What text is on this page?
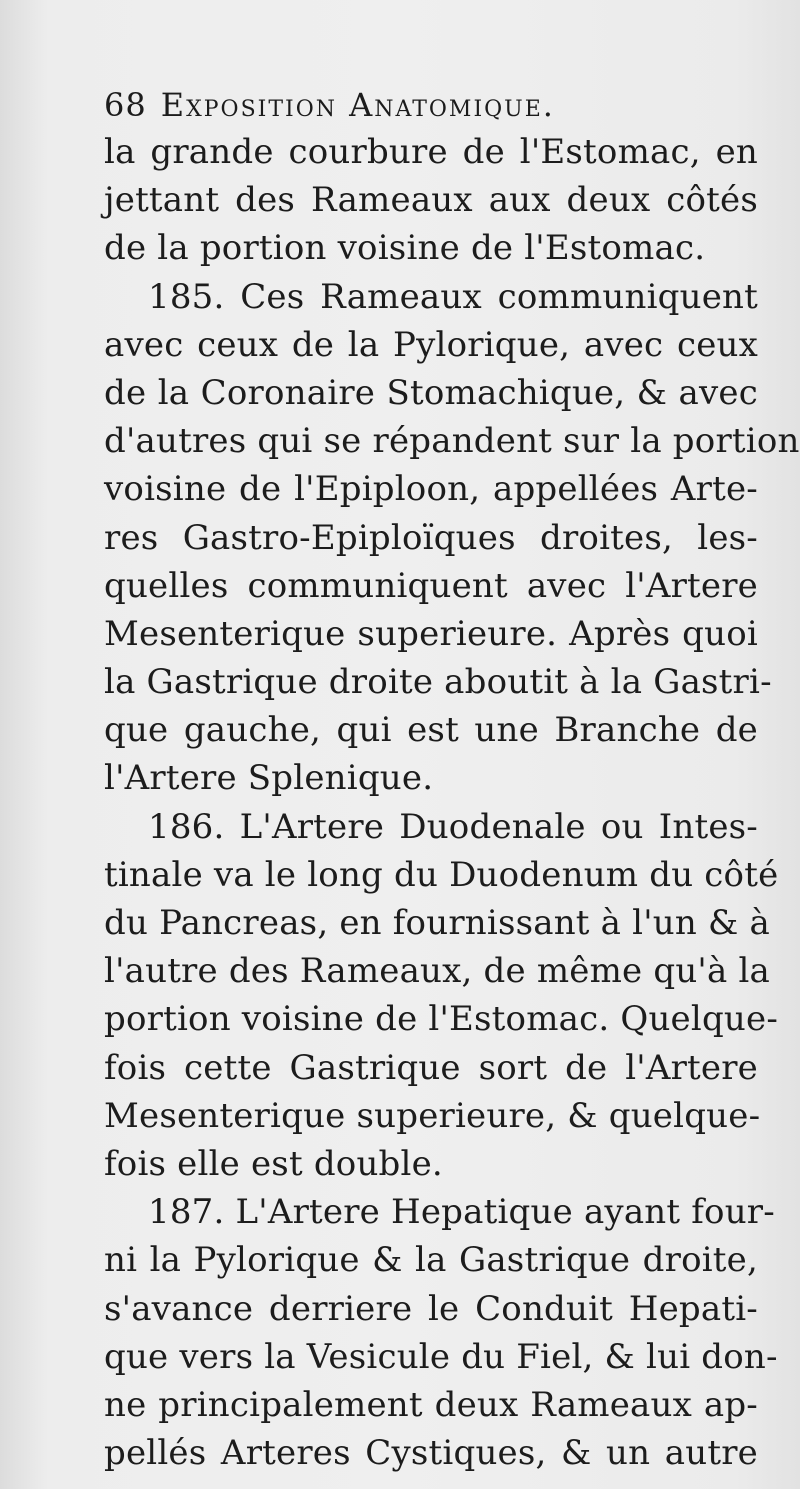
68 Exposition Anatomique.
la grande courbure de l'Estomac, en
jettant des Rameaux aux deux côtés
de la portion voisine de l'Estomac.
185. Ces Rameaux communiquent
avec ceux de la Pylorique, avec ceux
de la Coronaire Stomachique, & avec
d'autres qui se répandent sur la portion
voisine de l'Epiploon, appellées Arte-
res Gastro-Epiploïques droites, les-
quelles communiquent avec l'Artere
Mesenterique superieure. Après quoi
la Gastrique droite aboutit à la Gastri-
que gauche, qui est une Branche de
l'Artere Splenique.
186. L'Artere Duodenale ou Intes-
tinale va le long du Duodenum du côté
du Pancreas, en fournissant à l'un & à
l'autre des Rameaux, de même qu'à la
portion voisine de l'Estomac. Quelque-
fois cette Gastrique sort de l'Artere
Mesenterique superieure, & quelque-
fois elle est double.
187. L'Artere Hepatique ayant four-
ni la Pylorique & la Gastrique droite,
s'avance derriere le Conduit Hepati-
que vers la Vesicule du Fiel, & lui don-
ne principalement deux Rameaux ap-
pellés Arteres Cystiques, & un autre
